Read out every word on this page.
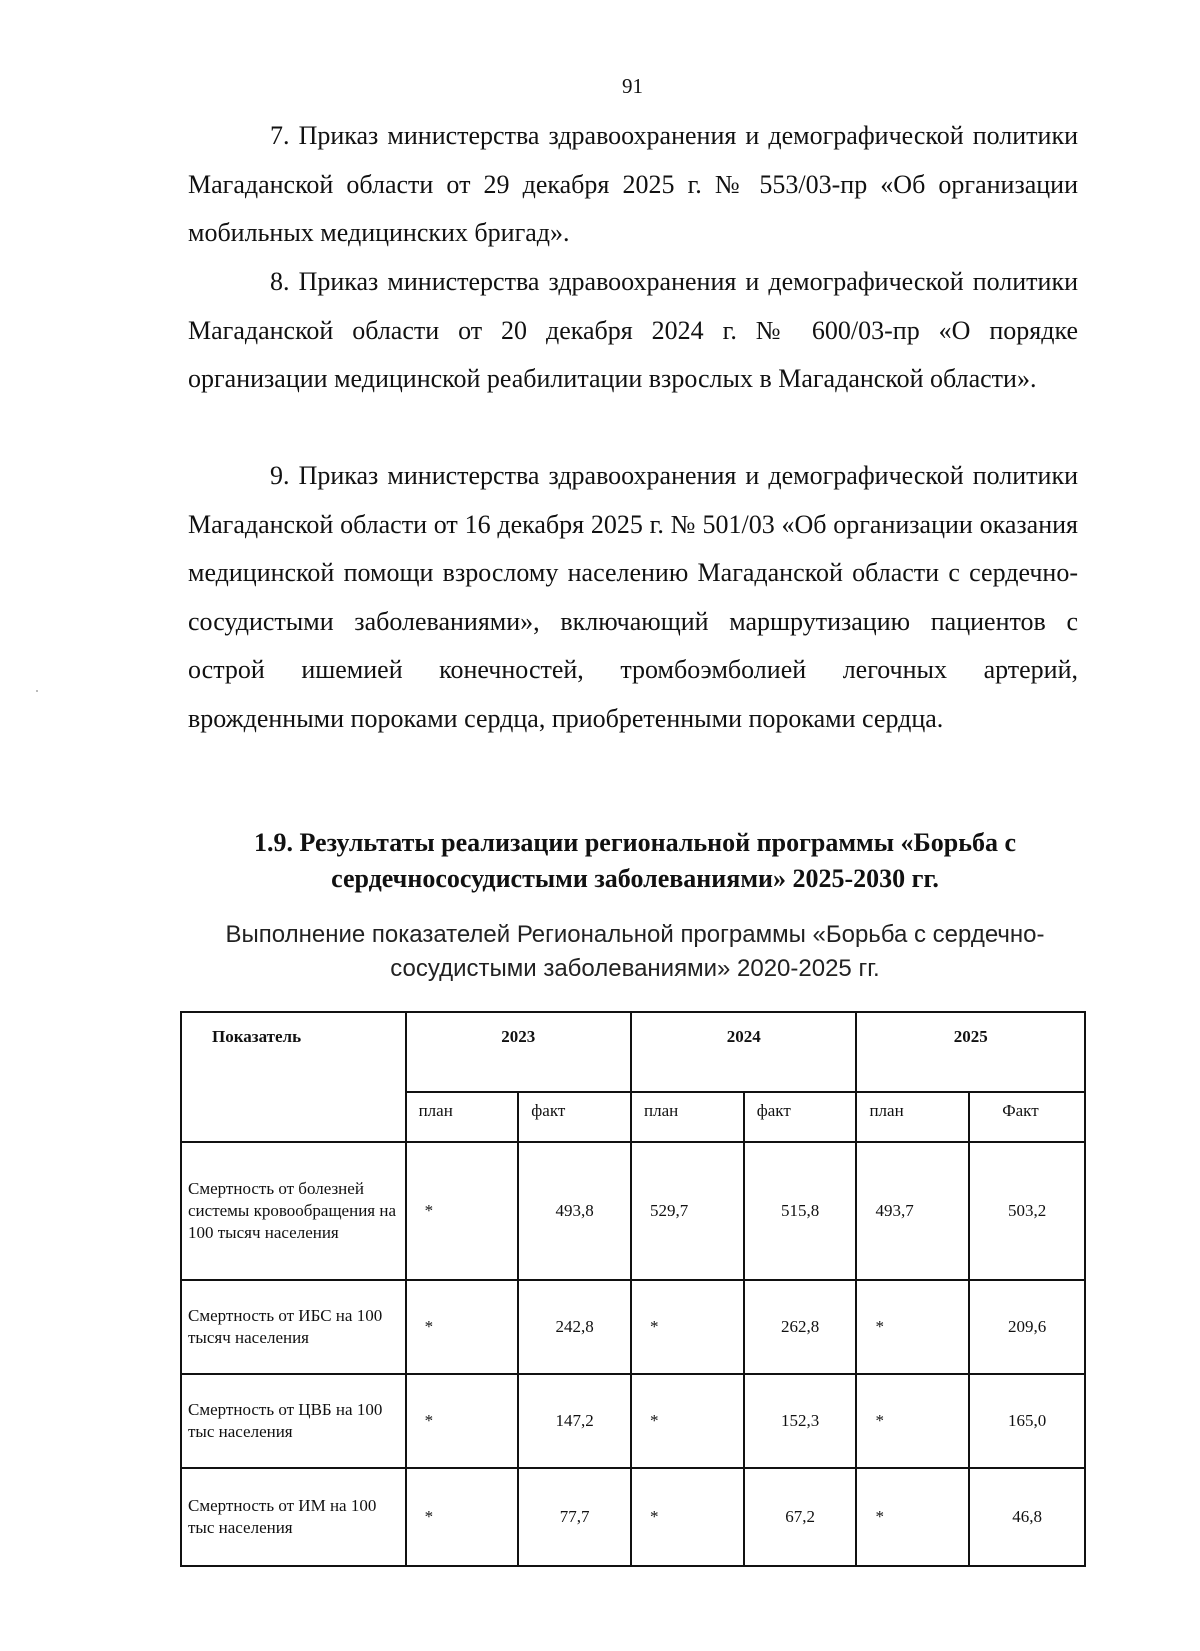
91

7. Приказ министерства здравоохранения и демографической политики Магаданской области от 29 декабря 2025 г. № 553/03-пр «Об организации мобильных медицинских бригад».

8. Приказ министерства здравоохранения и демографической политики Магаданской области от 20 декабря 2024 г. № 600/03-пр «О порядке организации медицинской реабилитации взрослых в Магаданской области».

9. Приказ министерства здравоохранения и демографической политики Магаданской области от 16 декабря 2025 г. № 501/03 «Об организации оказания медицинской помощи взрослому населению Магаданской области с сердечно-сосудистыми заболеваниями», включающий маршрутизацию пациентов с острой ишемией конечностей, тромбоэмболией легочных артерий, врожденными пороками сердца, приобретенными пороками сердца.

1.9. Результаты реализации региональной программы «Борьба с сердечнососудистыми заболеваниями» 2025-2030 гг.
Выполнение показателей Региональной программы «Борьба с сердечно-сосудистыми заболеваниями» 2020-2025 гг.
Показатель	2023		2024		2025	
	план	факт	план	факт	план	Факт
Смертность от болезней системы кровообращения на 100 тысяч населения	*	493,8	529,7	515,8	493,7	503,2
Смертность от ИБС на 100 тысяч населения	*	242,8	*	262,8	*	209,6
Смертность от ЦВБ на 100 тыс населения	*	147,2	*	152,3	*	165,0
Смертность от ИМ на 100 тыс населения	*	77,7	*	67,2	*	46,8
